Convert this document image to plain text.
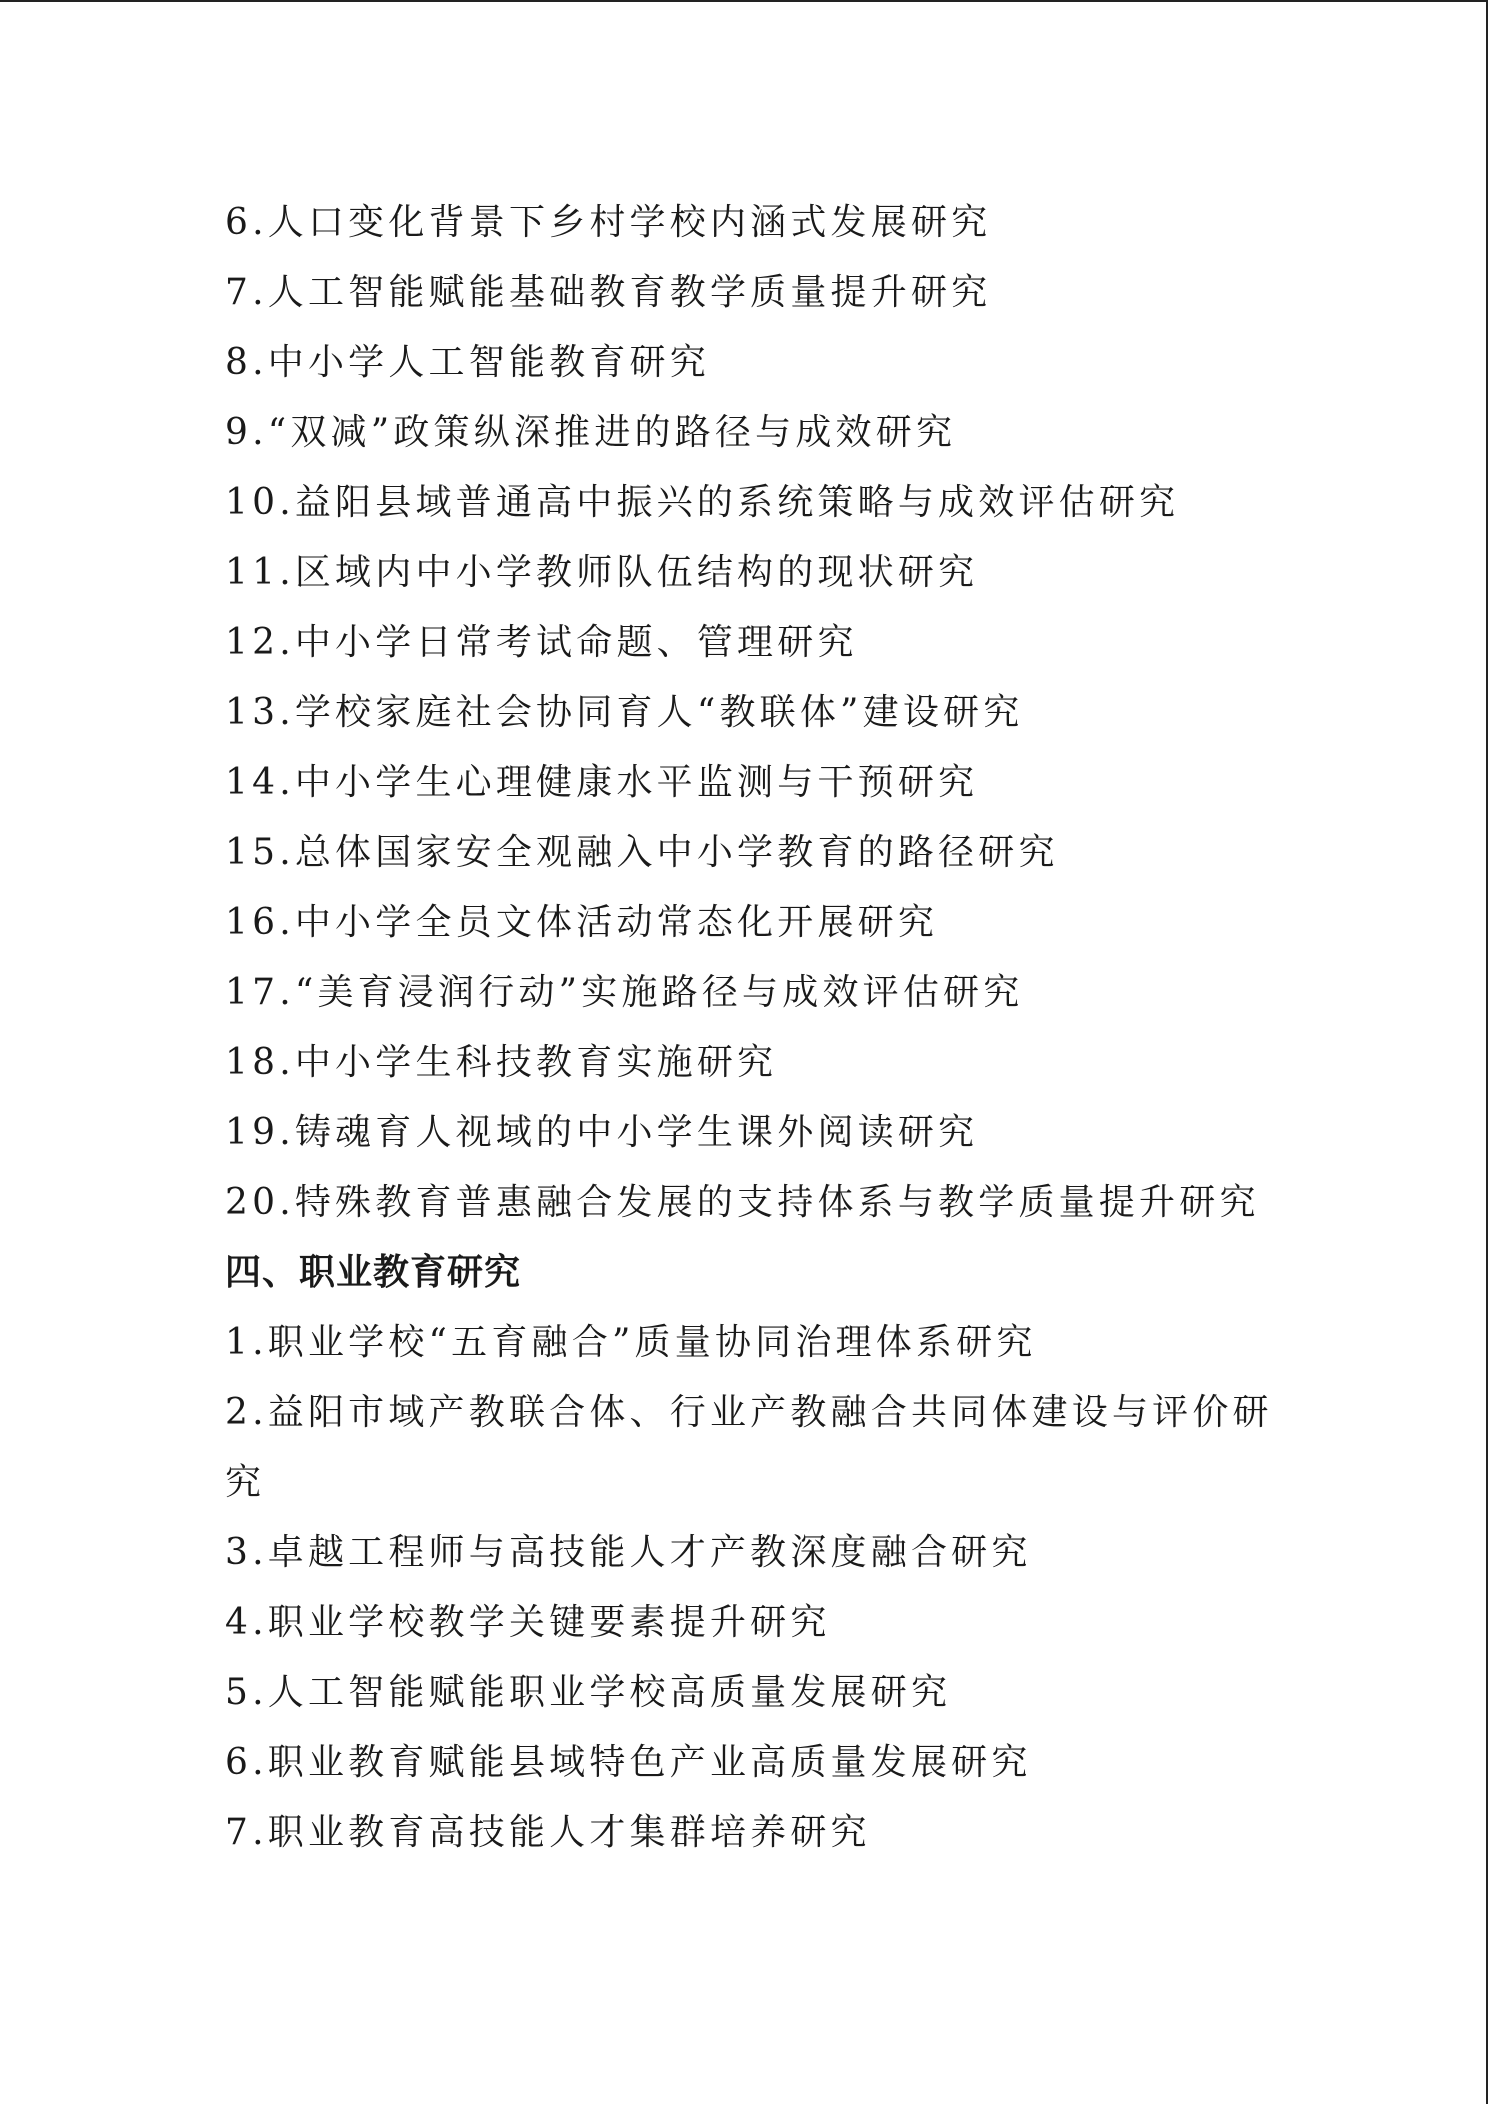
6.人口变化背景下乡村学校内涵式发展研究
7.人工智能赋能基础教育教学质量提升研究
8.中小学人工智能教育研究
9.“双减”政策纵深推进的路径与成效研究
10.益阳县域普通高中振兴的系统策略与成效评估研究
11.区域内中小学教师队伍结构的现状研究
12.中小学日常考试命题、管理研究
13.学校家庭社会协同育人“教联体”建设研究
14.中小学生心理健康水平监测与干预研究
15.总体国家安全观融入中小学教育的路径研究
16.中小学全员文体活动常态化开展研究
17.“美育浸润行动”实施路径与成效评估研究
18.中小学生科技教育实施研究
19.铸魂育人视域的中小学生课外阅读研究
20.特殊教育普惠融合发展的支持体系与教学质量提升研究
四、职业教育研究
1.职业学校“五育融合”质量协同治理体系研究
2.益阳市域产教联合体、行业产教融合共同体建设与评价研
究
3.卓越工程师与高技能人才产教深度融合研究
4.职业学校教学关键要素提升研究
5.人工智能赋能职业学校高质量发展研究
6.职业教育赋能县域特色产业高质量发展研究
7.职业教育高技能人才集群培养研究
